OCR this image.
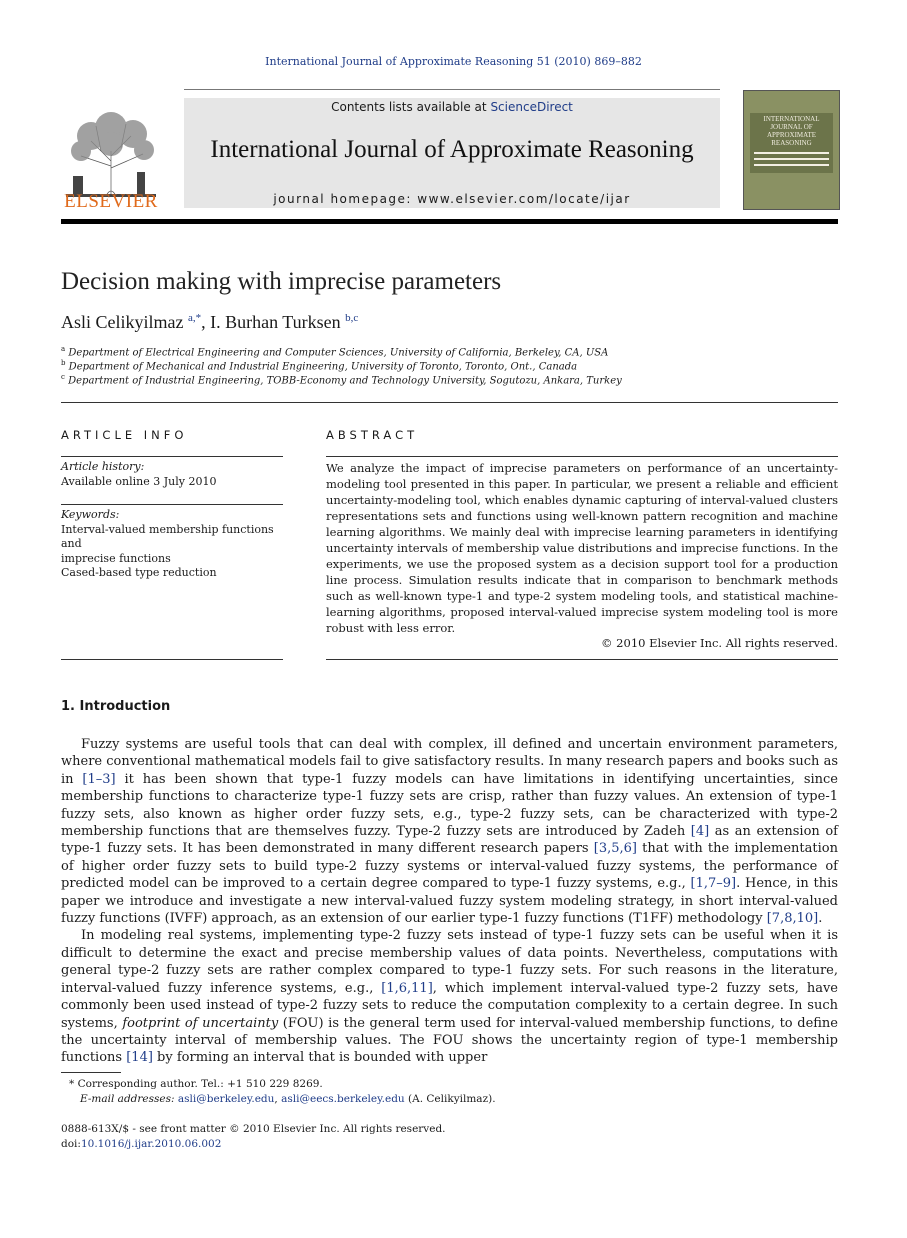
International Journal of Approximate Reasoning 51 (2010) 869–882
ELSEVIER
Contents lists available at ScienceDirect
International Journal of Approximate Reasoning
journal homepage: www.elsevier.com/locate/ijar
INTERNATIONAL JOURNAL OF APPROXIMATE REASONING
Decision making with imprecise parameters
Asli Celikyilmaz $^{a,*}$, I. Burhan Turksen $^{b,c}$
$^a$ Department of Electrical Engineering and Computer Sciences, University of California, Berkeley, CA, USA
$^b$ Department of Mechanical and Industrial Engineering, University of Toronto, Toronto, Ont., Canada
$^c$ Department of Industrial Engineering, TOBB-Economy and Technology University, Sogutozu, Ankara, Turkey
ARTICLE INFO
Article history:
Available online 3 July 2010
Keywords:
Interval-valued membership functions and
imprecise functions
Cased-based type reduction
ABSTRACT
We analyze the impact of imprecise parameters on performance of an uncertainty-modeling tool presented in this paper. In particular, we present a reliable and efficient uncertainty-modeling tool, which enables dynamic capturing of interval-valued clusters representations sets and functions using well-known pattern recognition and machine learning algorithms. We mainly deal with imprecise learning parameters in identifying uncertainty intervals of membership value distributions and imprecise functions. In the experiments, we use the proposed system as a decision support tool for a production line process. Simulation results indicate that in comparison to benchmark methods such as well-known type-1 and type-2 system modeling tools, and statistical machine-learning algorithms, proposed interval-valued imprecise system modeling tool is more robust with less error.
© 2010 Elsevier Inc. All rights reserved.
1. Introduction

Fuzzy systems are useful tools that can deal with complex, ill defined and uncertain environment parameters, where conventional mathematical models fail to give satisfactory results. In many research papers and books such as in [1–3] it has been shown that type-1 fuzzy models can have limitations in identifying uncertainties, since membership functions to characterize type-1 fuzzy sets are crisp, rather than fuzzy values. An extension of type-1 fuzzy sets, also known as higher order fuzzy sets, e.g., type-2 fuzzy sets, can be characterized with type-2 membership functions that are themselves fuzzy. Type-2 fuzzy sets are introduced by Zadeh [4] as an extension of type-1 fuzzy sets. It has been demonstrated in many different research papers [3,5,6] that with the implementation of higher order fuzzy sets to build type-2 fuzzy systems or interval-valued fuzzy systems, the performance of predicted model can be improved to a certain degree compared to type-1 fuzzy systems, e.g., [1,7–9]. Hence, in this paper we introduce and investigate a new interval-valued fuzzy system modeling strategy, in short interval-valued fuzzy functions (IVFF) approach, as an extension of our earlier type-1 fuzzy functions (T1FF) methodology [7,8,10].

In modeling real systems, implementing type-2 fuzzy sets instead of type-1 fuzzy sets can be useful when it is difficult to determine the exact and precise membership values of data points. Nevertheless, computations with general type-2 fuzzy sets are rather complex compared to type-1 fuzzy sets. For such reasons in the literature, interval-valued fuzzy inference systems, e.g., [1,6,11], which implement interval-valued type-2 fuzzy sets, have commonly been used instead of type-2 fuzzy sets to reduce the computation complexity to a certain degree. In such systems, footprint of uncertainty (FOU) is the general term used for interval-valued membership functions, to define the uncertainty interval of membership values. The FOU shows the uncertainty region of type-1 membership functions [14] by forming an interval that is bounded with upper

* Corresponding author. Tel.: +1 510 229 8269.
E-mail addresses: asli@berkeley.edu, asli@eecs.berkeley.edu (A. Celikyilmaz).
0888-613X/$ - see front matter © 2010 Elsevier Inc. All rights reserved.
doi:10.1016/j.ijar.2010.06.002
